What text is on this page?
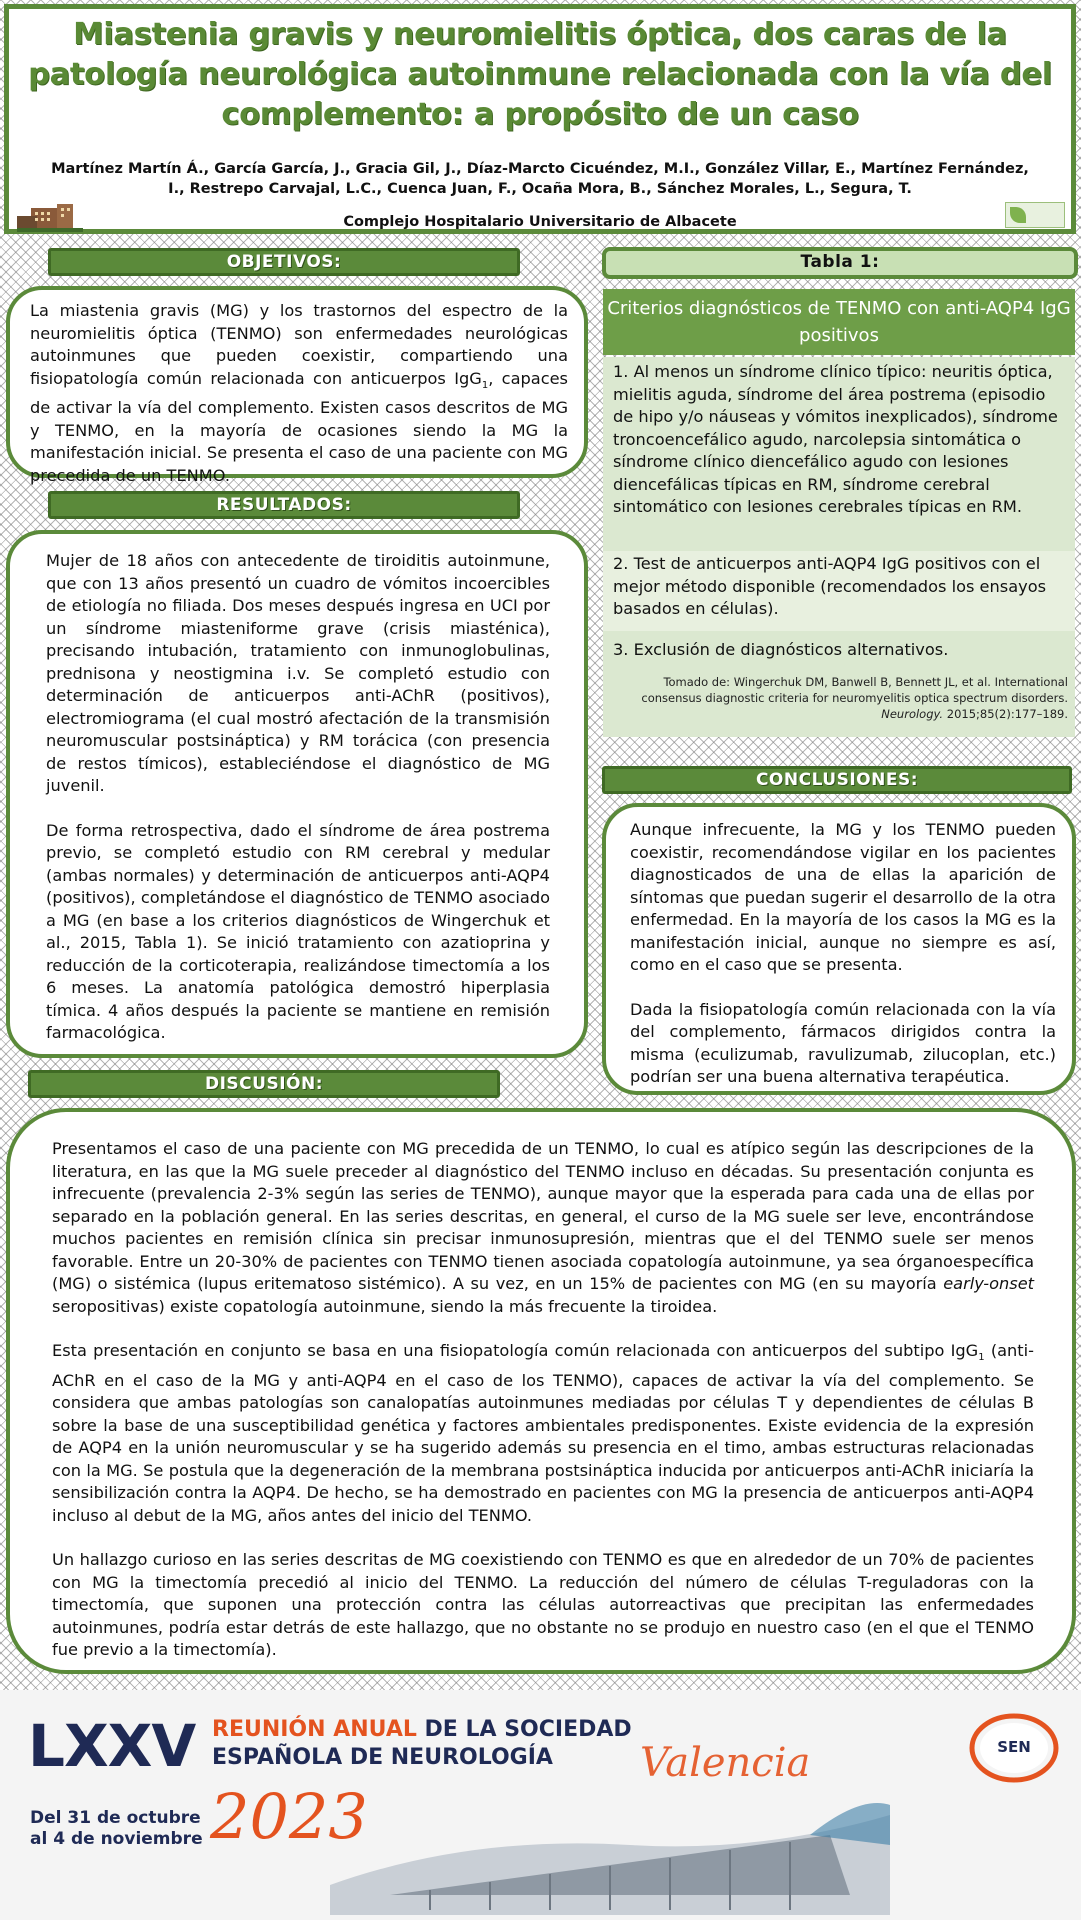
Miastenia gravis y neuromielitis óptica, dos caras de la patología neurológica autoinmune relacionada con la vía del complemento: a propósito de un caso
Martínez Martín Á., García García, J., Gracia Gil, J., Díaz-Marcto Cicuéndez, M.I., González Villar, E., Martínez Fernández, I., Restrepo Carvajal, L.C., Cuenca Juan, F., Ocaña Mora, B., Sánchez Morales, L., Segura, T.
Complejo Hospitalario Universitario de Albacete
OBJETIVOS:

La miastenia gravis (MG) y los trastornos del espectro de la neuromielitis óptica (TENMO) son enfermedades neurológicas autoinmunes que pueden coexistir, compartiendo una fisiopatología común relacionada con anticuerpos IgG$_1$, capaces de activar la vía del complemento. Existen casos descritos de MG y TENMO, en la mayoría de ocasiones siendo la MG la manifestación inicial. Se presenta el caso de una paciente con MG precedida de un TENMO.

RESULTADOS:

Mujer de 18 años con antecedente de tiroiditis autoinmune, que con 13 años presentó un cuadro de vómitos incoercibles de etiología no filiada. Dos meses después ingresa en UCI por un síndrome miasteniforme grave (crisis miasténica), precisando intubación, tratamiento con inmunoglobulinas, prednisona y neostigmina i.v. Se completó estudio con determinación de anticuerpos anti-AChR (positivos), electromiograma (el cual mostró afectación de la transmisión neuromuscular postsináptica) y RM torácica (con presencia de restos tímicos), estableciéndose el diagnóstico de MG juvenil.

De forma retrospectiva, dado el síndrome de área postrema previo, se completó estudio con RM cerebral y medular (ambas normales) y determinación de anticuerpos anti-AQP4 (positivos), completándose el diagnóstico de TENMO asociado a MG (en base a los criterios diagnósticos de Wingerchuk et al., 2015, Tabla 1). Se inició tratamiento con azatioprina y reducción de la corticoterapia, realizándose timectomía a los 6 meses. La anatomía patológica demostró hiperplasia tímica. 4 años después la paciente se mantiene en remisión farmacológica.

Tabla 1:
Criterios diagnósticos de TENMO con anti-AQP4 IgG positivos
1. Al menos un síndrome clínico típico: neuritis óptica, mielitis aguda, síndrome del área postrema (episodio de hipo y/o náuseas y vómitos inexplicados), síndrome troncoencefálico agudo, narcolepsia sintomática o síndrome clínico diencefálico agudo con lesiones diencefálicas típicas en RM, síndrome cerebral sintomático con lesiones cerebrales típicas en RM.
2. Test de anticuerpos anti-AQP4 IgG positivos con el mejor método disponible (recomendados los ensayos basados en células).
3. Exclusión de diagnósticos alternativos.
Tomado de: Wingerchuk DM, Banwell B, Bennett JL, et al. International consensus diagnostic criteria for neuromyelitis optica spectrum disorders. Neurology. 2015;85(2):177–189.
CONCLUSIONES:

Aunque infrecuente, la MG y los TENMO pueden coexistir, recomendándose vigilar en los pacientes diagnosticados de una de ellas la aparición de síntomas que puedan sugerir el desarrollo de la otra enfermedad. En la mayoría de los casos la MG es la manifestación inicial, aunque no siempre es así, como en el caso que se presenta.

Dada la fisiopatología común relacionada con la vía del complemento, fármacos dirigidos contra la misma (eculizumab, ravulizumab, zilucoplan, etc.) podrían ser una buena alternativa terapéutica.

DISCUSIÓN:

Presentamos el caso de una paciente con MG precedida de un TENMO, lo cual es atípico según las descripciones de la literatura, en las que la MG suele preceder al diagnóstico del TENMO incluso en décadas. Su presentación conjunta es infrecuente (prevalencia 2-3% según las series de TENMO), aunque mayor que la esperada para cada una de ellas por separado en la población general. En las series descritas, en general, el curso de la MG suele ser leve, encontrándose muchos pacientes en remisión clínica sin precisar inmunosupresión, mientras que el del TENMO suele ser menos favorable. Entre un 20-30% de pacientes con TENMO tienen asociada copatología autoinmune, ya sea órganoespecífica (MG) o sistémica (lupus eritematoso sistémico). A su vez, en un 15% de pacientes con MG (en su mayoría early-onset seropositivas) existe copatología autoinmune, siendo la más frecuente la tiroidea.

Esta presentación en conjunto se basa en una fisiopatología común relacionada con anticuerpos del subtipo IgG$_1$ (anti-AChR en el caso de la MG y anti-AQP4 en el caso de los TENMO), capaces de activar la vía del complemento. Se considera que ambas patologías son canalopatías autoinmunes mediadas por células T y dependientes de células B sobre la base de una susceptibilidad genética y factores ambientales predisponentes. Existe evidencia de la expresión de AQP4 en la unión neuromuscular y se ha sugerido además su presencia en el timo, ambas estructuras relacionadas con la MG. Se postula que la degeneración de la membrana postsináptica inducida por anticuerpos anti-AChR iniciaría la sensibilización contra la AQP4. De hecho, se ha demostrado en pacientes con MG la presencia de anticuerpos anti-AQP4 incluso al debut de la MG, años antes del inicio del TENMO.

Un hallazgo curioso en las series descritas de MG coexistiendo con TENMO es que en alrededor de un 70% de pacientes con MG la timectomía precedió al inicio del TENMO. La reducción del número de células T-reguladoras con la timectomía, que suponen una protección contra las células autorreactivas que precipitan las enfermedades autoinmunes, podría estar detrás de este hallazgo, que no obstante no se produjo en nuestro caso (en el que el TENMO fue previo a la timectomía).

LXXV REUNIÓN ANUAL DE LA SOCIEDAD
ESPAÑOLA DE NEUROLOGÍA Valencia
Del 31 de octubre
al 4 de noviembre 2023
SEN
